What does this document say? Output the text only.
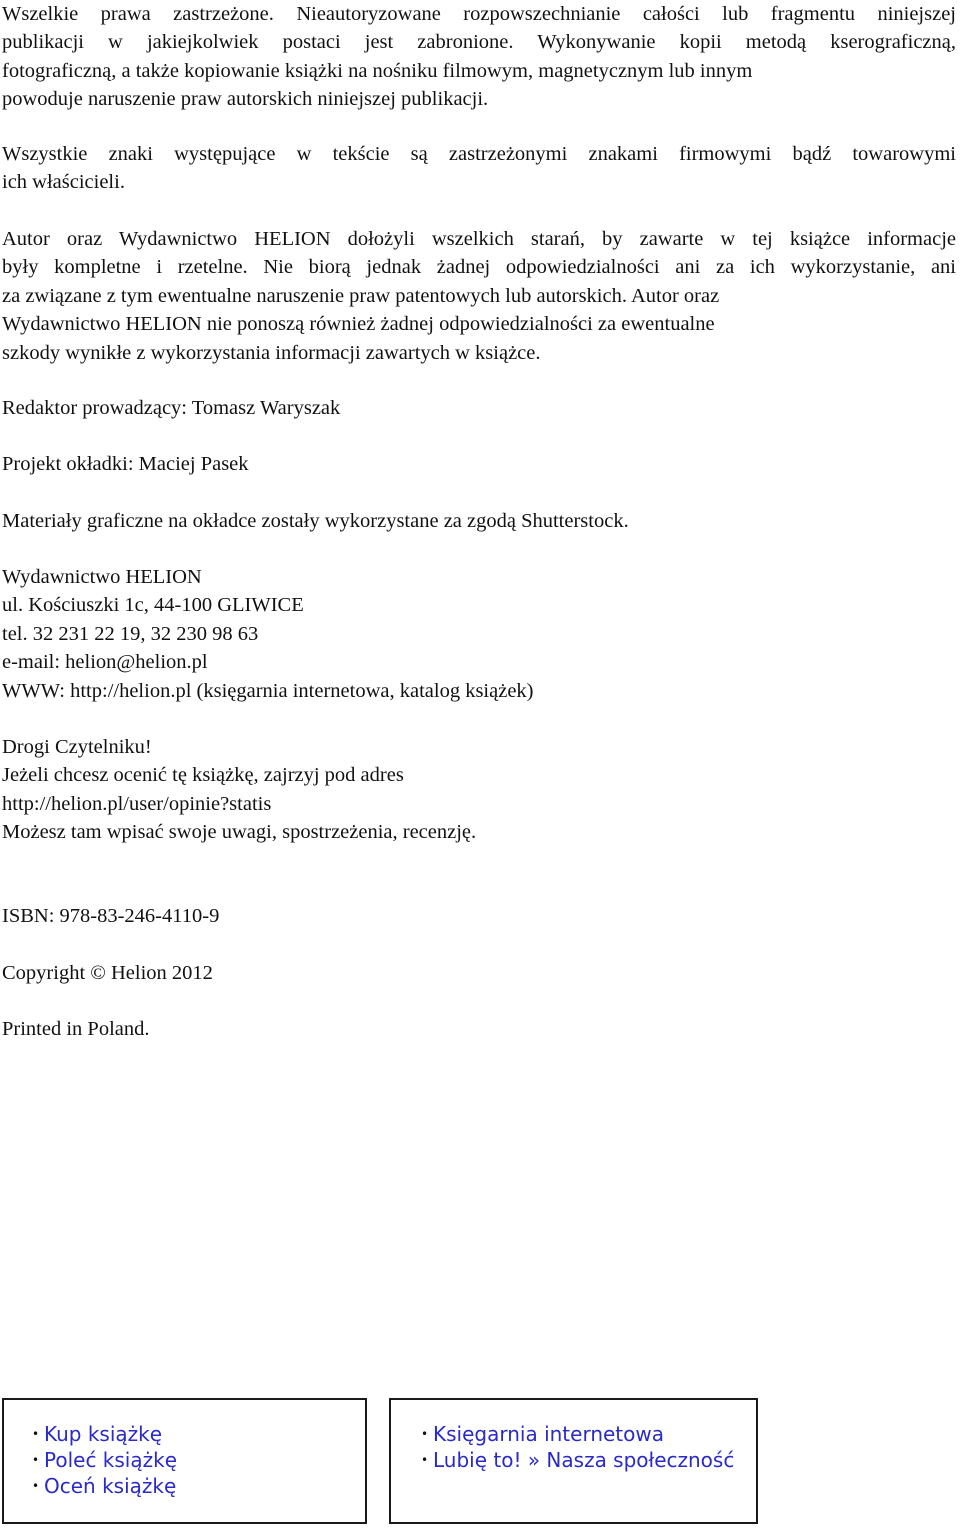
Wszelkie prawa zastrzeżone. Nieautoryzowane rozpowszechnianie całości lub fragmentu niniejszej
publikacji w jakiejkolwiek postaci jest zabronione. Wykonywanie kopii metodą kserograficzną,
fotograficzną, a także kopiowanie książki na nośniku filmowym, magnetycznym lub innym
powoduje naruszenie praw autorskich niniejszej publikacji.

Wszystkie znaki występujące w tekście są zastrzeżonymi znakami firmowymi bądź towarowymi
ich właścicieli.

Autor oraz Wydawnictwo HELION dołożyli wszelkich starań, by zawarte w tej książce informacje
były kompletne i rzetelne. Nie biorą jednak żadnej odpowiedzialności ani za ich wykorzystanie, ani
za związane z tym ewentualne naruszenie praw patentowych lub autorskich. Autor oraz
Wydawnictwo HELION nie ponoszą również żadnej odpowiedzialności za ewentualne
szkody wynikłe z wykorzystania informacji zawartych w książce.

Redaktor prowadzący: Tomasz Waryszak

Projekt okładki: Maciej Pasek

Materiały graficzne na okładce zostały wykorzystane za zgodą Shutterstock.

Wydawnictwo HELION
ul. Kościuszki 1c, 44-100 GLIWICE
tel. 32 231 22 19, 32 230 98 63
e-mail: helion@helion.pl
WWW: http://helion.pl (księgarnia internetowa, katalog książek)

Drogi Czytelniku!
Jeżeli chcesz ocenić tę książkę, zajrzyj pod adres
http://helion.pl/user/opinie?statis
Możesz tam wpisać swoje uwagi, spostrzeżenia, recenzję.

ISBN: 978-83-246-4110-9

Copyright © Helion 2012

Printed in Poland.

• Kup książkę
• Poleć książkę
• Oceń książkę
• Księgarnia internetowa
• Lubię to! » Nasza społeczność
